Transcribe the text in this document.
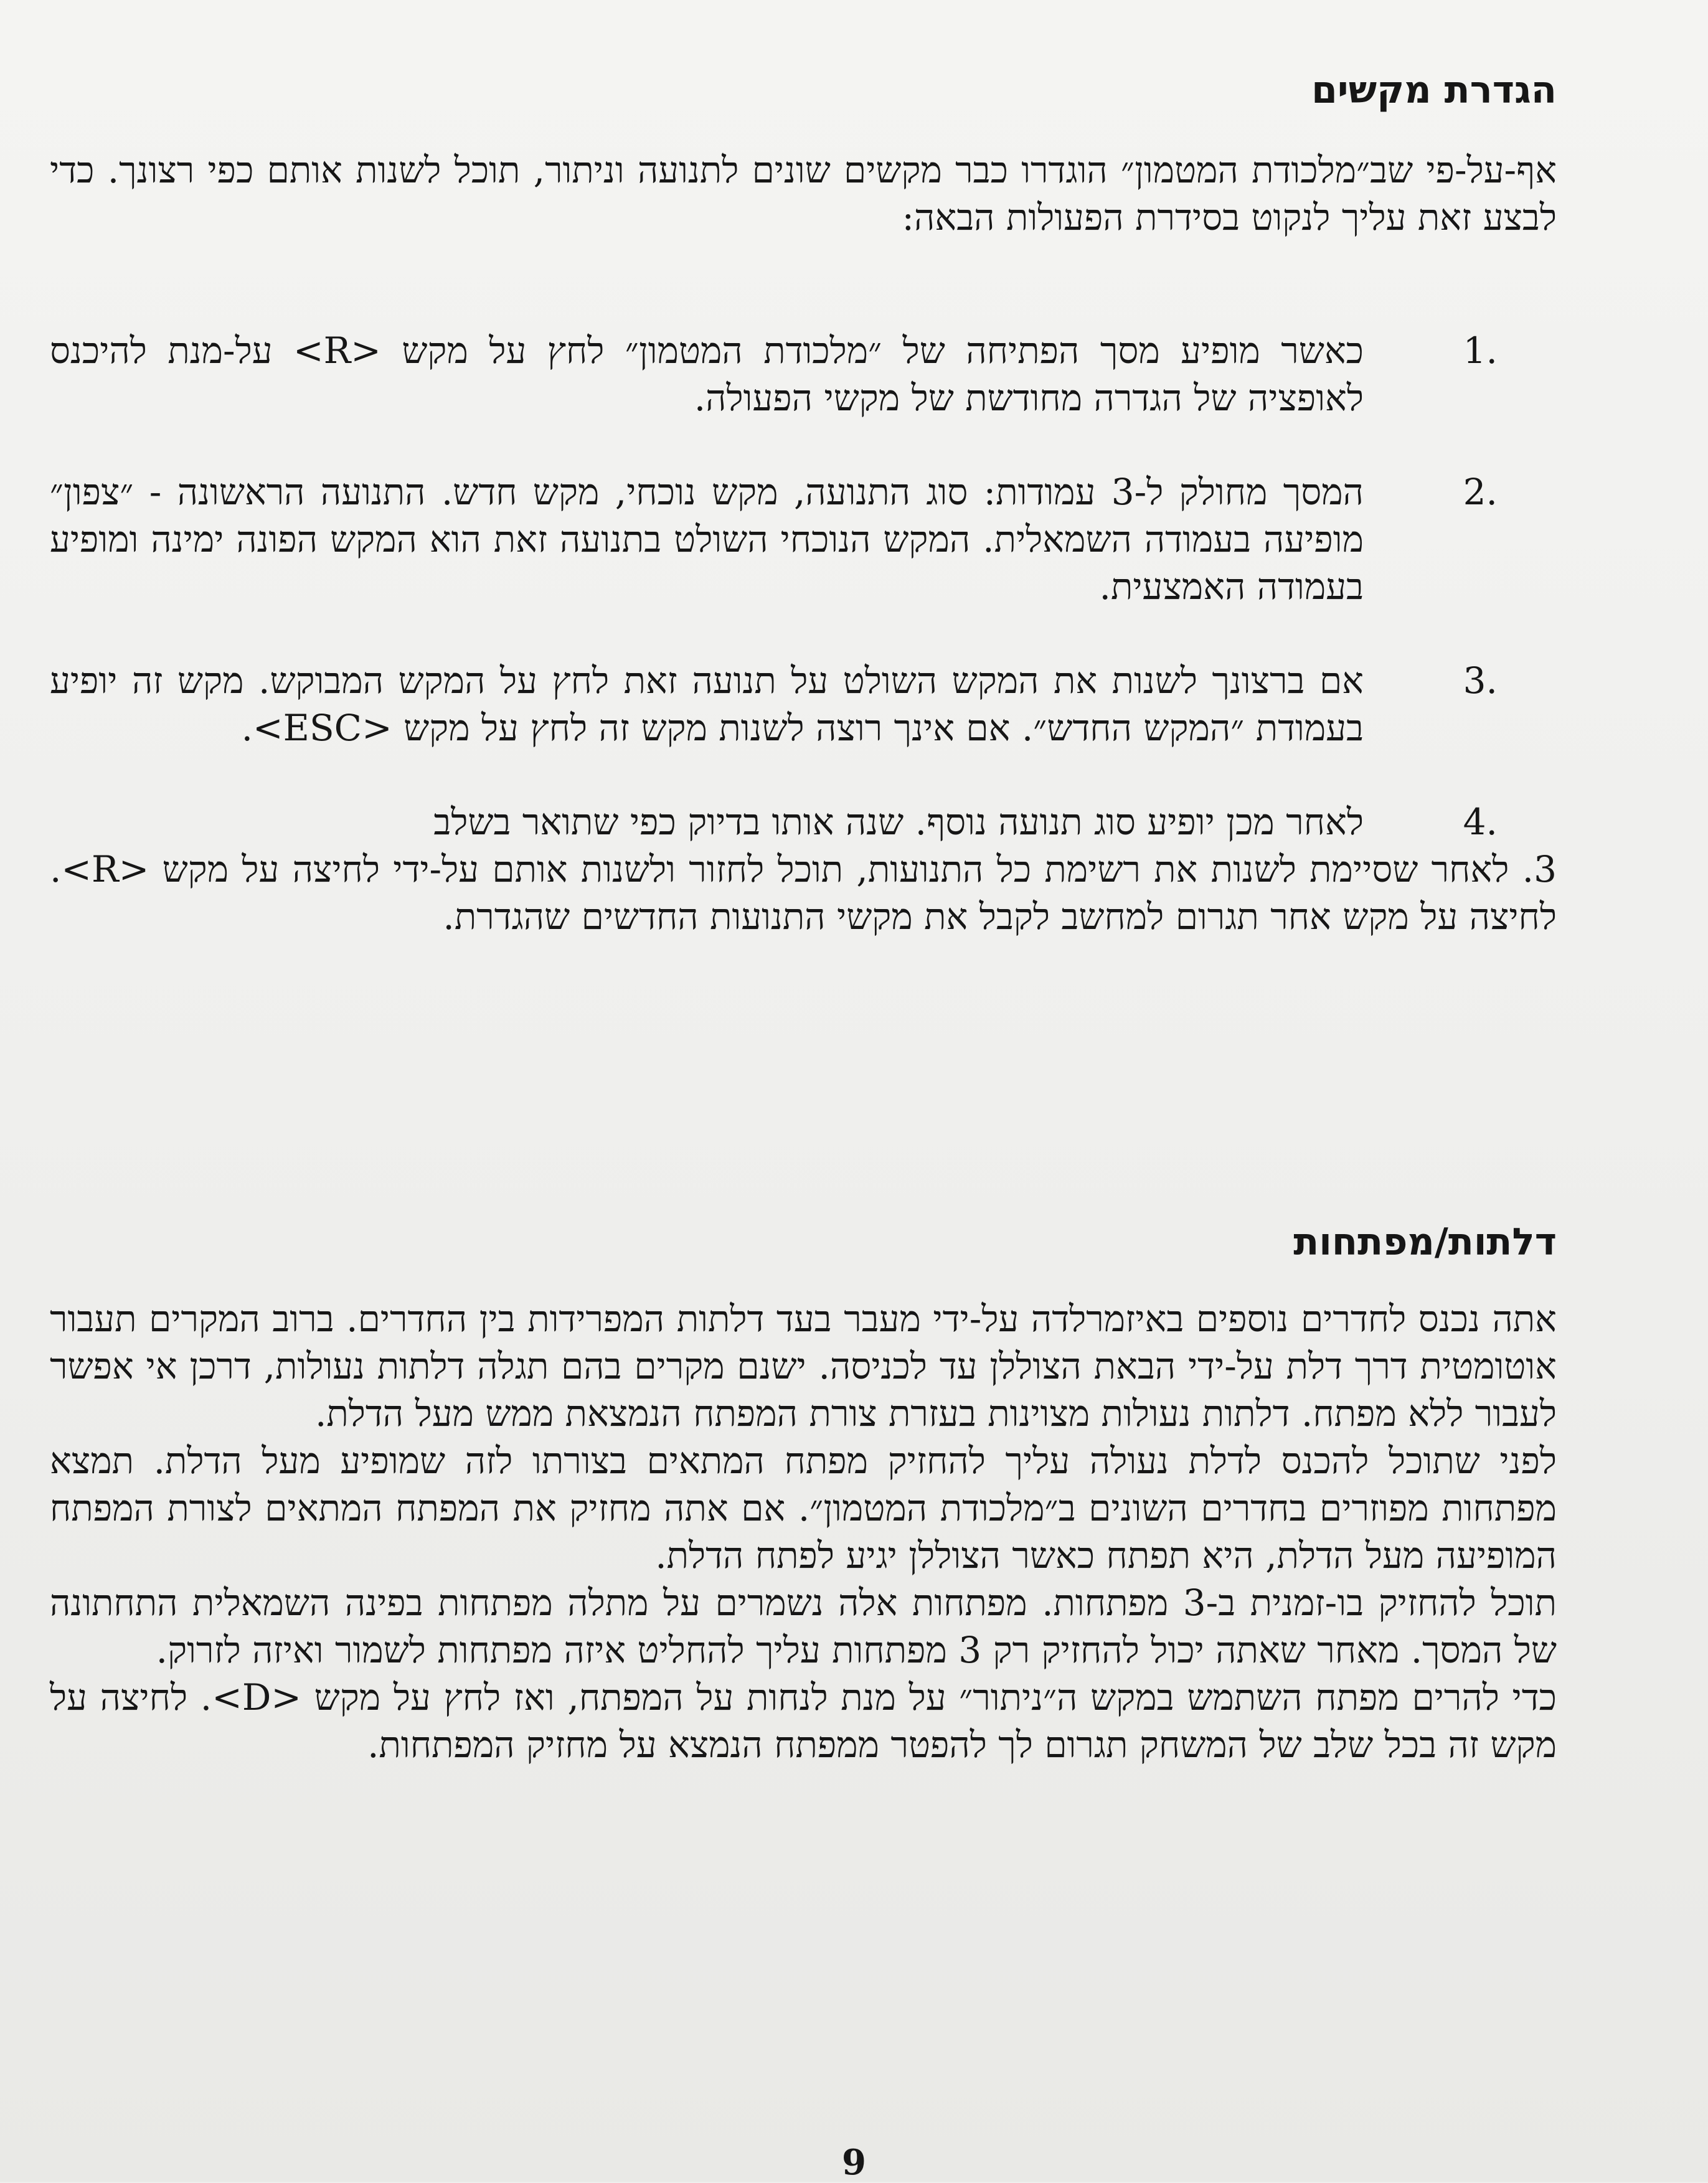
הגדרת מקשים

אף-על-פי שב״מלכודת המטמון״ הוגדרו כבר מקשים שונים לתנועה וניתור, תוכל לשנות אותם כפי רצונך. כדי לבצע זאת עליך לנקוט בסידרת הפעולות הבאה:

1.

כאשר מופיע מסך הפתיחה של ״מלכודת המטמון״ לחץ על מקש <R> על-מנת להיכנס לאופציה של הגדרה מחודשת של מקשי הפעולה.

2.

המסך מחולק ל-3 עמודות: סוג התנועה, מקש נוכחי, מקש חדש. התנועה הראשונה - ״צפון״ מופיעה בעמודה השמאלית. המקש הנוכחי השולט בתנועה זאת הוא המקש הפונה ימינה ומופיע בעמודה האמצעית.

3.

אם ברצונך לשנות את המקש השולט על תנועה זאת לחץ על המקש המבוקש. מקש זה יופיע בעמודת ״המקש החדש״. אם אינך רוצה לשנות מקש זה לחץ על מקש <ESC>.

4.

לאחר מכן יופיע סוג תנועה נוסף. שנה אותו בדיוק כפי שתואר בשלב

3. לאחר שסיימת לשנות את רשימת כל התנועות, תוכל לחזור ולשנות אותם על-ידי לחיצה על מקש <R>. לחיצה על מקש אחר תגרום למחשב לקבל את מקשי התנועות החדשים שהגדרת.

דלתות/מפתחות

אתה נכנס לחדרים נוספים באיזמרלדה על-ידי מעבר בעד דלתות המפרידות בין החדרים. ברוב המקרים תעבור אוטומטית דרך דלת על-ידי הבאת הצוללן עד לכניסה. ישנם מקרים בהם תגלה דלתות נעולות, דרכן אי אפשר לעבור ללא מפתח. דלתות נעולות מצוינות בעזרת צורת המפתח הנמצאת ממש מעל הדלת.

לפני שתוכל להכנס לדלת נעולה עליך להחזיק מפתח המתאים בצורתו לזה שמופיע מעל הדלת. תמצא מפתחות מפוזרים בחדרים השונים ב״מלכודת המטמון״. אם אתה מחזיק את המפתח המתאים לצורת המפתח המופיעה מעל הדלת, היא תפתח כאשר הצוללן יגיע לפתח הדלת.

תוכל להחזיק בו-זמנית ב-3 מפתחות. מפתחות אלה נשמרים על מתלה מפתחות בפינה השמאלית התחתונה של המסך. מאחר שאתה יכול להחזיק רק 3 מפתחות עליך להחליט איזה מפתחות לשמור ואיזה לזרוק.

כדי להרים מפתח השתמש במקש ה״ניתור״ על מנת לנחות על המפתח, ואז לחץ על מקש <D>. לחיצה על מקש זה בכל שלב של המשחק תגרום לך להפטר ממפתח הנמצא על מחזיק המפתחות.

9
